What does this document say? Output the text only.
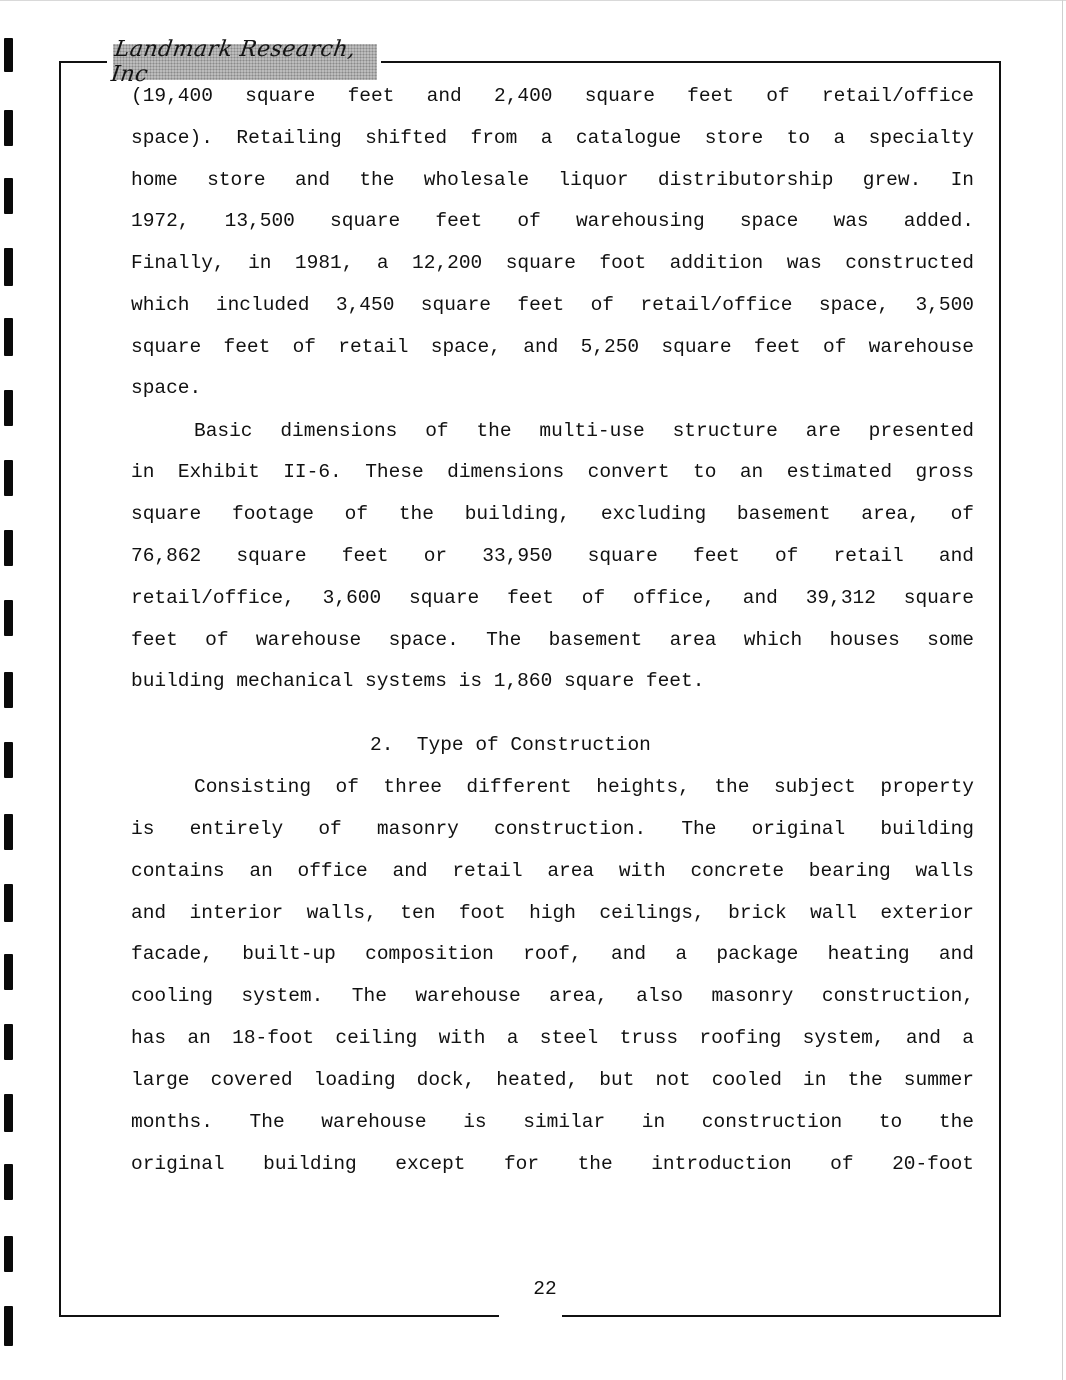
Landmark Research, Inc
(19,400 square feet and 2,400 square feet of retail/office
space). Retailing shifted from a catalogue store to a specialty
home store and the wholesale liquor distributorship grew. In
1972, 13,500 square feet of warehousing space was added.
Finally, in 1981, a 12,200 square foot addition was constructed
which included 3,450 square feet of retail/office space, 3,500
square feet of retail space, and 5,250 square feet of warehouse
space.
Basic dimensions of the multi-use structure are presented
in Exhibit II-6. These dimensions convert to an estimated gross
square footage of the building, excluding basement area, of
76,862 square feet or 33,950 square feet of retail and
retail/office, 3,600 square feet of office, and 39,312 square
feet of warehouse space. The basement area which houses some
building mechanical systems is 1,860 square feet.
2.  Type of Construction
Consisting of three different heights, the subject property
is entirely of masonry construction. The original building
contains an office and retail area with concrete bearing walls
and interior walls, ten foot high ceilings, brick wall exterior
facade, built-up composition roof, and a package heating and
cooling system. The warehouse area, also masonry construction,
has an 18-foot ceiling with a steel truss roofing system, and a
large covered loading dock, heated, but not cooled in the summer
months. The warehouse is similar in construction to the
original building except for the introduction of 20-foot
22
